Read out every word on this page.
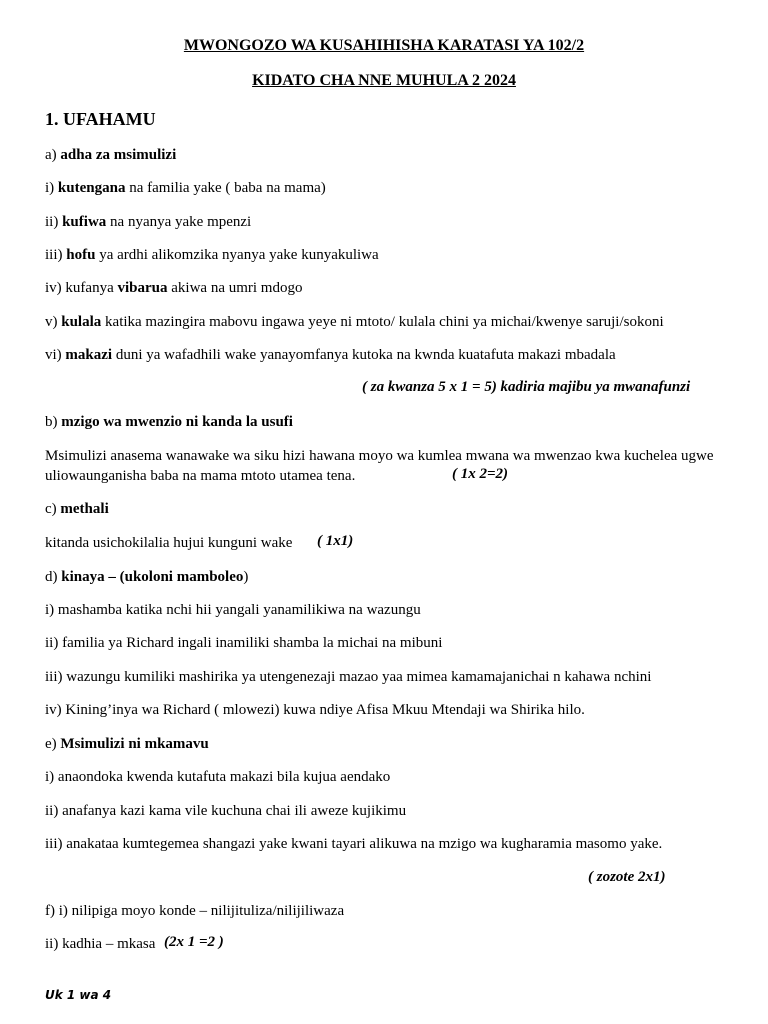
MWONGOZO WA KUSAHIHISHA KARATASI YA 102/2
KIDATO CHA NNE MUHULA 2 2024
1. UFAHAMU
a) adha za msimulizi
i) kutengana na familia yake ( baba na mama)
ii) kufiwa na nyanya yake mpenzi
iii) hofu ya ardhi alikomzika nyanya yake kunyakuliwa
iv) kufanya vibarua akiwa na umri mdogo
v) kulala katika mazingira mabovu ingawa yeye ni mtoto/ kulala chini ya michai/kwenye saruji/sokoni
vi) makazi duni ya wafadhili wake yanayomfanya kutoka na kwnda kuatafuta makazi mbadala
( za kwanza 5 x 1 = 5) kadiria majibu ya mwanafunzi
b) mzigo wa mwenzio ni kanda la usufi
Msimulizi anasema wanawake wa siku hizi hawana moyo wa kumlea mwana wa mwenzao kwa kuchelea ugwe uliowaunganisha baba na mama mtoto utamea tena.	( 1x 2=2)
c) methali
kitanda usichokilalia hujui kunguni wake ( 1x1)
d) kinaya – (ukoloni mamboleo)
i) mashamba katika nchi hii yangali yanamilikiwa na wazungu
ii) familia ya Richard ingali inamiliki shamba la michai na mibuni
iii) wazungu kumiliki mashirika ya utengenezaji mazao yaa mimea kamamajanichai n kahawa nchini
iv) Kining’inya wa Richard ( mlowezi) kuwa ndiye Afisa Mkuu Mtendaji wa Shirika hilo.
e) Msimulizi ni mkamavu
i) anaondoka kwenda kutafuta makazi bila kujua aendako
ii) anafanya kazi kama vile kuchuna chai ili aweze kujikimu
iii) anakataa kumtegemea shangazi yake kwani tayari alikuwa na mzigo wa kugharamia masomo yake.
( zozote 2x1)
f) i) nilipiga moyo konde – nilijituliza/nilijiliwaza
ii) kadhia – mkasa (2x 1 =2 )
Uk 1 wa 4
